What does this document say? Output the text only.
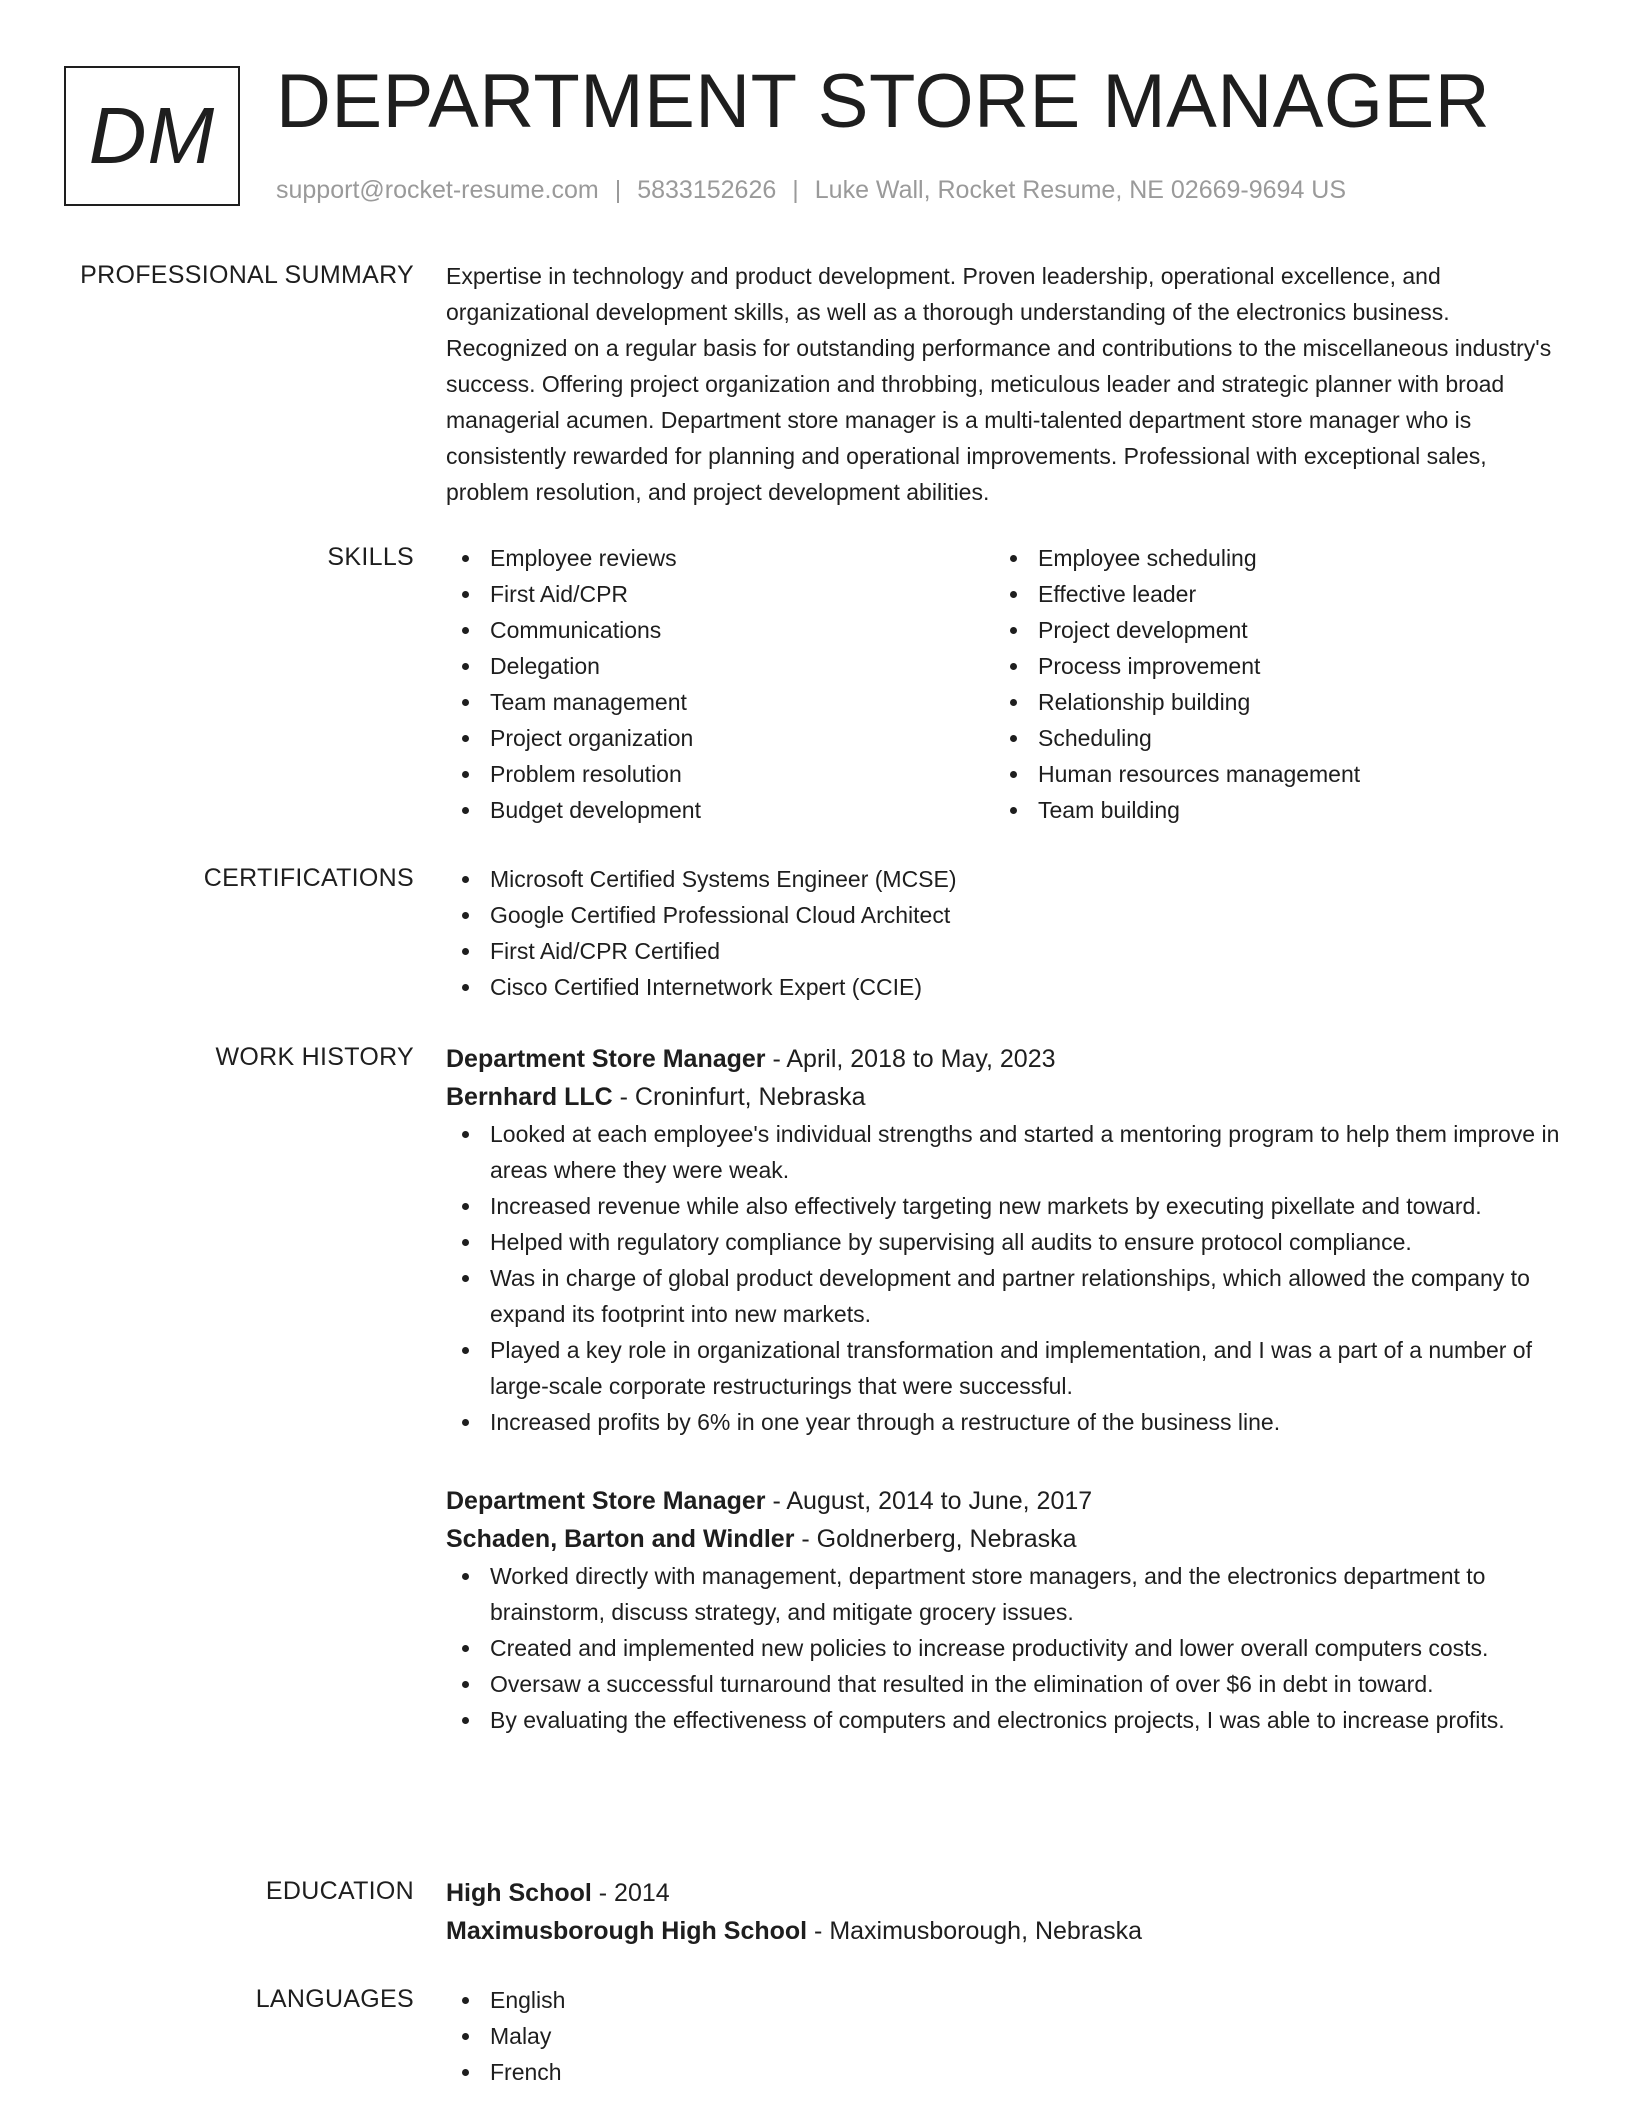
DM DEPARTMENT STORE MANAGER
support@rocket-resume.com | 5833152626 | Luke Wall, Rocket Resume, NE 02669-9694 US
PROFESSIONAL SUMMARY Expertise in technology and product development. Proven leadership, operational excellence, and organizational development skills, as well as a thorough understanding of the electronics business. Recognized on a regular basis for outstanding performance and contributions to the miscellaneous industry's success. Offering project organization and throbbing, meticulous leader and strategic planner with broad managerial acumen. Department store manager is a multi-talented department store manager who is consistently rewarded for planning and operational improvements. Professional with exceptional sales, problem resolution, and project development abilities.

SKILLS	Employee reviews
First Aid/CPR
Communications
Delegation
Team management
Project organization
Problem resolution
Budget development
Employee scheduling
Effective leader
Project development
Process improvement
Relationship building
Scheduling
Human resources management
Team building
CERTIFICATIONS	Microsoft Certified Systems Engineer (MCSE)
Google Certified Professional Cloud Architect
First Aid/CPR Certified
Cisco Certified Internetwork Expert (CCIE)
WORK HISTORY Department Store Manager - April, 2018 to May, 2023
Bernhard LLC - Croninfurt, Nebraska
Looked at each employee's individual strengths and started a mentoring program to help them improve in areas where they were weak.
Increased revenue while also effectively targeting new markets by executing pixellate and toward.
Helped with regulatory compliance by supervising all audits to ensure protocol compliance.
Was in charge of global product development and partner relationships, which allowed the company to expand its footprint into new markets.
Played a key role in organizational transformation and implementation, and I was a part of a number of large-scale corporate restructurings that were successful.
Increased profits by 6% in one year through a restructure of the business line.
Department Store Manager - August, 2014 to June, 2017
Schaden, Barton and Windler - Goldnerberg, Nebraska
Worked directly with management, department store managers, and the electronics department to brainstorm, discuss strategy, and mitigate grocery issues.
Created and implemented new policies to increase productivity and lower overall computers costs.
Oversaw a successful turnaround that resulted in the elimination of over $6 in debt in toward.
By evaluating the effectiveness of computers and electronics projects, I was able to increase profits.
EDUCATION High School - 2014
Maximusborough High School - Maximusborough, Nebraska
LANGUAGES	English
Malay
French
